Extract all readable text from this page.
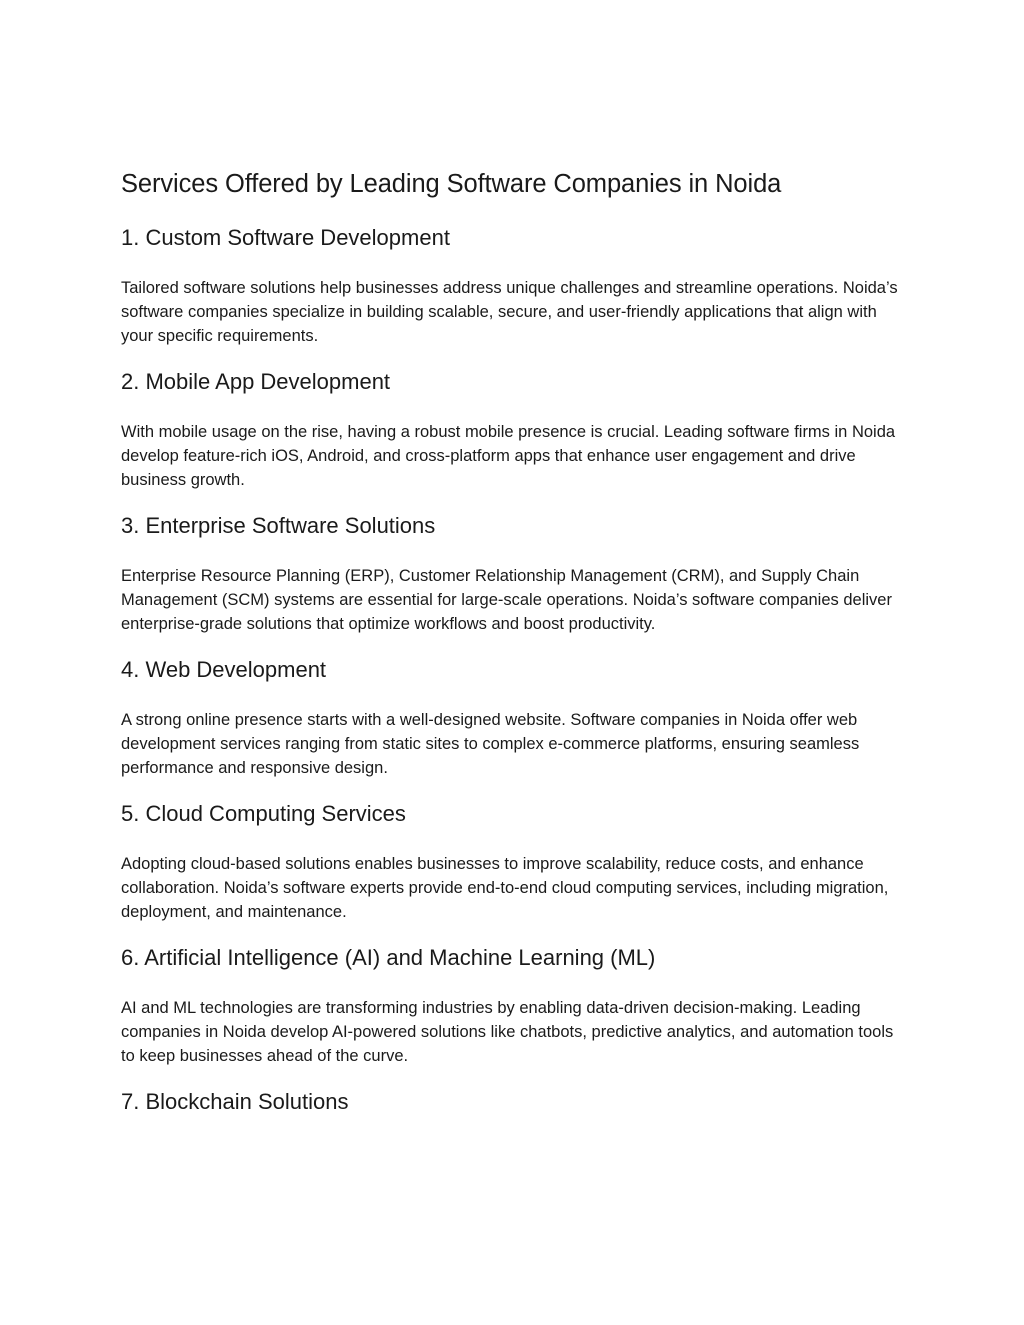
Services Offered by Leading Software Companies in Noida
1. Custom Software Development

Tailored software solutions help businesses address unique challenges and streamline operations. Noida’s software companies specialize in building scalable, secure, and user-friendly applications that align with your specific requirements.

2. Mobile App Development

With mobile usage on the rise, having a robust mobile presence is crucial. Leading software firms in Noida develop feature-rich iOS, Android, and cross-platform apps that enhance user engagement and drive business growth.

3. Enterprise Software Solutions

Enterprise Resource Planning (ERP), Customer Relationship Management (CRM), and Supply Chain Management (SCM) systems are essential for large-scale operations. Noida’s software companies deliver enterprise-grade solutions that optimize workflows and boost productivity.

4. Web Development

A strong online presence starts with a well-designed website. Software companies in Noida offer web development services ranging from static sites to complex e-commerce platforms, ensuring seamless performance and responsive design.

5. Cloud Computing Services

Adopting cloud-based solutions enables businesses to improve scalability, reduce costs, and enhance collaboration. Noida’s software experts provide end-to-end cloud computing services, including migration, deployment, and maintenance.

6. Artificial Intelligence (AI) and Machine Learning (ML)

AI and ML technologies are transforming industries by enabling data-driven decision-making. Leading companies in Noida develop AI-powered solutions like chatbots, predictive analytics, and automation tools to keep businesses ahead of the curve.

7. Blockchain Solutions
